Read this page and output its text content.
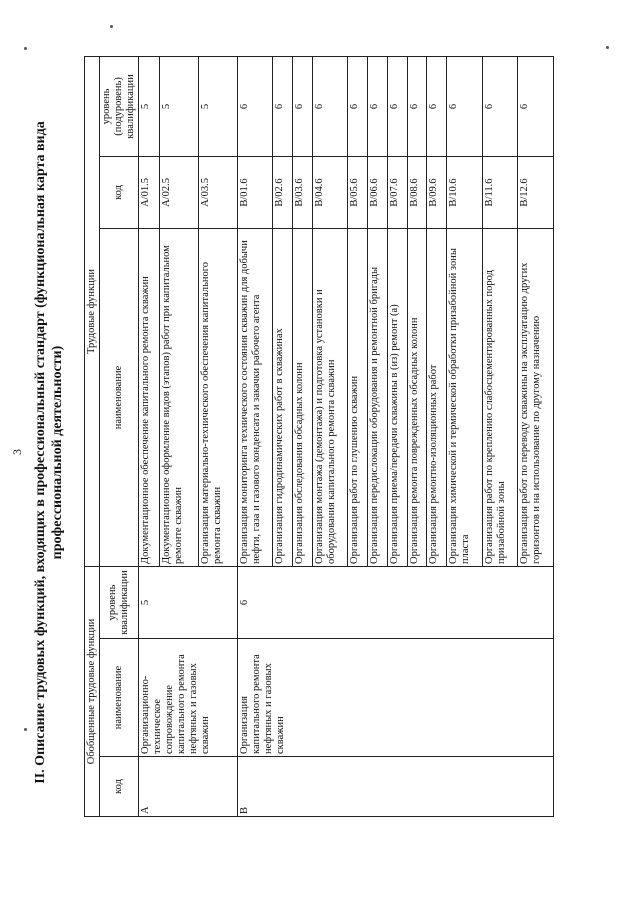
3 II. Описание трудовых функций, входящих в профессиональный стандарт (функциональная карта вида профессиональной деятельности)
Обобщенные трудовые функции			Трудовые функции		
код	наименование	уровень квалификации	наименование	код	уровень (подуровень) квалификации
А	Организационно-техническое сопровождение капитального ремонта нефтяных и газовых скважин	5	Документационное обеспечение капитального ремонта скважин	А/01.5	5
			Документационное оформление видов (этапов) работ при капитальном ремонте скважин	А/02.5	5
			Организация материально-технического обеспечения капитального ремонта скважин	А/03.5	5
В	Организация капитального ремонта нефтяных и газовых скважин	6	Организация мониторинга технического состояния скважин для добычи нефти, газа и газового конденсата и закачки рабочего агента	В/01.6	6
			Организация гидродинамических работ в скважинах	В/02.6	6
			Организация обследования обсадных колонн	В/03.6	6
			Организация монтажа (демонтажа) и подготовка установки и оборудования капитального ремонта скважин	В/04.6	6
			Организация работ по глушению скважин	В/05.6	6
			Организация передислокации оборудования и ремонтной бригады	В/06.6	6
			Организация приема/передачи скважины в (из) ремонт (а)	В/07.6	6
			Организация ремонта поврежденных обсадных колонн	В/08.6	6
			Организация ремонтно-изоляционных работ	В/09.6	6
			Организация химической и термической обработки призабойной зоны пласта	В/10.6	6
			Организация работ по креплению слабосцементированных пород призабойной зоны	В/11.6	6
			Организация работ по переводу скважины на эксплуатацию других горизонтов и на использование по другому назначению	В/12.6	6
